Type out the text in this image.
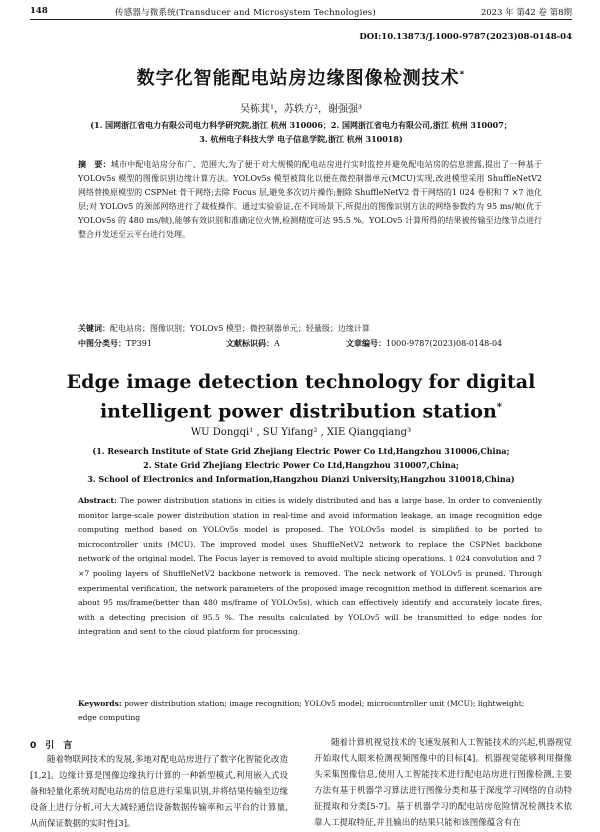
148	传感器与微系统(Transducer and Microsystem Technologies)	2023 年 第42 卷 第8期
DOI:10.13873/J.1000-9787(2023)08-0148-04
数字化智能配电站房边缘图像检测技术*
吴栋萁¹，苏轶方²，谢强强³
(1. 国网浙江省电力有限公司电力科学研究院,浙江 杭州 310006；2. 国网浙江省电力有限公司,浙江 杭州 310007；
3. 杭州电子科技大学 电子信息学院,浙江 杭州 310018)
摘　要：城市中配电站房分布广、范围大,为了便于对大规模的配电站房进行实时监控并避免配电站房的信息泄露,提出了一种基于 YOLOv5s 模型的图像识别边缘计算方法。YOLOv5s 模型被简化以便在微控制器单元(MCU)实现,改进模型采用 ShuffleNetV2 网络替换原模型的 CSPNet 骨干网络;去除 Focus 层,避免多次切片操作;删除 ShuffleNetV2 骨干网络的1 024 卷积和 7 ×7 池化层;对 YOLOv5 的颈部网络进行了裁枝操作。通过实验验证,在不同场景下,所提出的图像识别方法的网络参数约为 95 ms/帧(优于 YOLOv5s 的 480 ms/帧),能够有效识别和准确定位火情,检测精度可达 95.5 %。YOLOv5 计算所得的结果被传输至边缘节点进行整合并发送至云平台进行处理。
关键词：配电站房；图像识别；YOLOv5 模型；微控制器单元；轻量级；边缘计算
中图分类号：TP391	文献标识码：A	文章编号：1000-9787(2023)08-0148-04
Edge image detection technology for digital
intelligent power distribution station*
WU Dongqi¹ , SU Yifang² , XIE Qiangqiang³
(1. Research Institute of State Grid Zhejiang Electric Power Co Ltd,Hangzhou 310006,China;
2. State Grid Zhejiang Electric Power Co Ltd,Hangzhou 310007,China;
3. School of Electronics and Information,Hangzhou Dianzi University,Hangzhou 310018,China)
Abstract: The power distribution stations in cities is widely distributed and has a large base. In order to conveniently monitor large-scale power distribution station in real-time and avoid information leakage, an image recognition edge computing method based on YOLOv5s model is proposed. The YOLOv5s model is simplified to be ported to microcontroller units (MCU). The improved model uses ShuffleNetV2 network to replace the CSPNet backbone network of the original model. The Focus layer is removed to avoid multiple slicing operations. 1 024 convolution and 7 ×7 pooling layers of ShuffleNetV2 backbone network is removed. The neck network of YOLOv5 is pruned. Through experimental verification, the network parameters of the proposed image recognition method in different scenarios are about 95 ms/frame(better than 480 ms/frame of YOLOv5s), which can effectively identify and accurately locate fires, with a detecting precision of 95.5 %. The results calculated by YOLOv5 will be transmitted to edge nodes for integration and sent to the cloud platform for processing.
Keywords: power distribution station; image recognition; YOLOv5 model; microcontroller unit (MCU); lightweight; edge computing
0　引　言
随着物联网技术的发展,多地对配电站房进行了数字化智能化改造[1,2]。边缘计算是图像边缘执行计算的一种新型模式,利用嵌入式设备和轻量化系统对配电站房的信息进行采集识别,并将结果传输至边缘设备上进行分析,可大大减轻通信设备数据传输率和云平台的计算量,从而保证数据的实时性[3]。
随着计算机视觉技术的飞速发展和人工智能技术的兴起,机器视觉开始取代人眼来检测视频图像中的目标[4]。机器视觉能够利用摄像头采集图像信息,使用人工智能技术进行配电站房进行图像检测,主要方法有基于机器学习算法进行图像分类和基于深度学习网络的自动特征提取和分类[5-7]。基于机器学习的配电站房危险情况检测技术依靠人工提取特征,并且输出的结果只能和该图像蕴含有在
